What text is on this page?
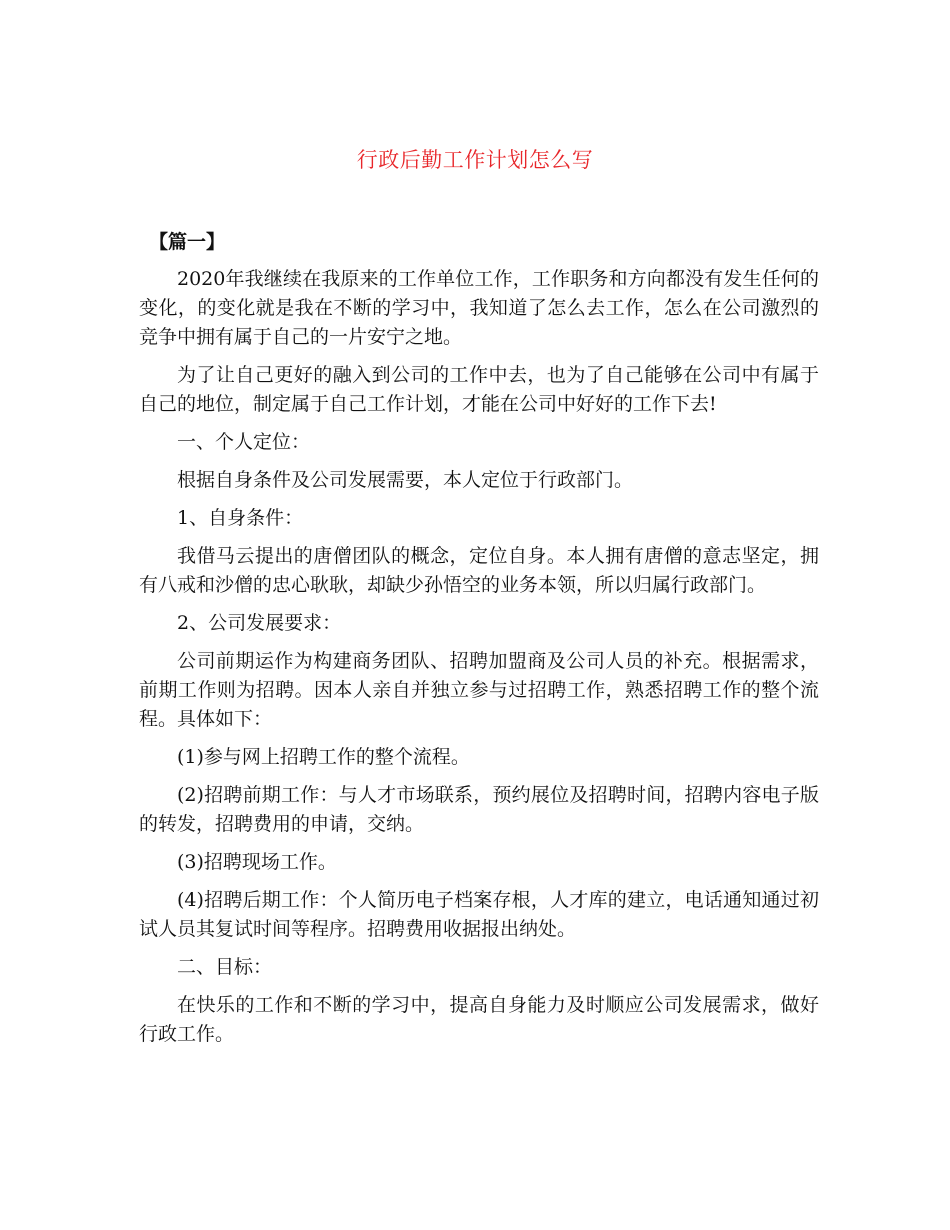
行政后勤工作计划怎么写

【篇一】

2020年我继续在我原来的工作单位工作，工作职务和方向都没有发生任何的变化，的变化就是我在不断的学习中，我知道了怎么去工作，怎么在公司激烈的竞争中拥有属于自己的一片安宁之地。

为了让自己更好的融入到公司的工作中去，也为了自己能够在公司中有属于自己的地位，制定属于自己工作计划，才能在公司中好好的工作下去!

一、个人定位：

根据自身条件及公司发展需要，本人定位于行政部门。

1、自身条件：

我借马云提出的唐僧团队的概念，定位自身。本人拥有唐僧的意志坚定，拥有八戒和沙僧的忠心耿耿，却缺少孙悟空的业务本领，所以归属行政部门。

2、公司发展要求：

公司前期运作为构建商务团队、招聘加盟商及公司人员的补充。根据需求，前期工作则为招聘。因本人亲自并独立参与过招聘工作，熟悉招聘工作的整个流程。具体如下：

(1)参与网上招聘工作的整个流程。

(2)招聘前期工作：与人才市场联系，预约展位及招聘时间，招聘内容电子版的转发，招聘费用的申请，交纳。

(3)招聘现场工作。

(4)招聘后期工作：个人简历电子档案存根，人才库的建立，电话通知通过初试人员其复试时间等程序。招聘费用收据报出纳处。

二、目标：

在快乐的工作和不断的学习中，提高自身能力及时顺应公司发展需求，做好行政工作。
